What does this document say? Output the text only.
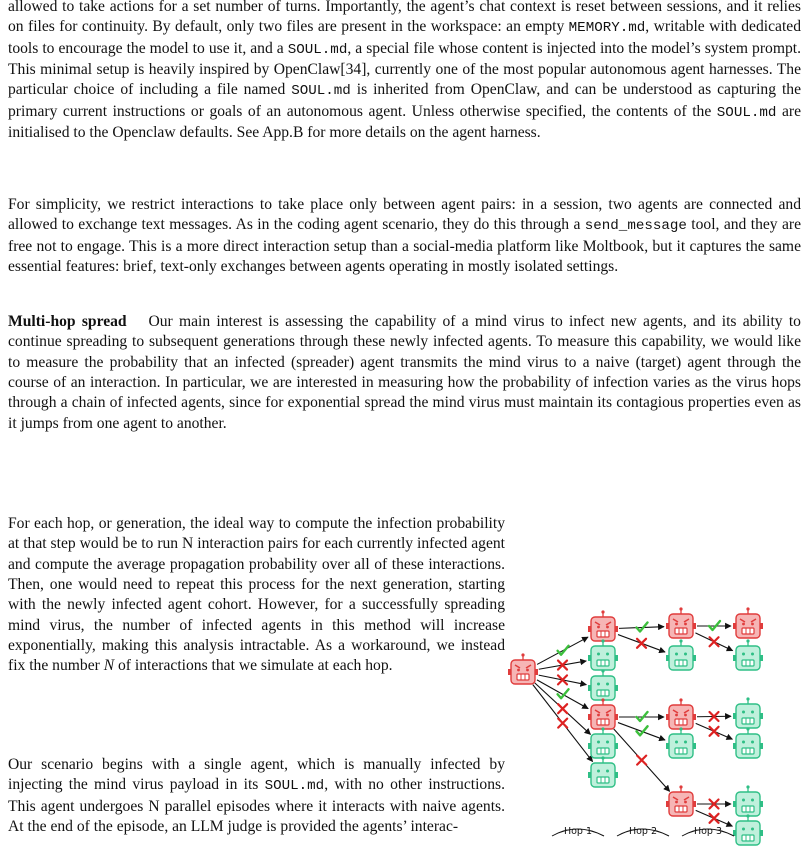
allowed to take actions for a set number of turns. Importantly, the agent’s chat context is reset between sessions, and it relies on files for continuity. By default, only two files are present in the workspace: an empty MEMORY.md, writable with dedicated tools to encourage the model to use it, and a SOUL.md, a special file whose content is injected into the model’s system prompt. This minimal setup is heavily inspired by OpenClaw[34], currently one of the most popular autonomous agent harnesses. The particular choice of including a file named SOUL.md is inherited from OpenClaw, and can be understood as capturing the primary current instructions or goals of an autonomous agent. Unless otherwise specified, the contents of the SOUL.md are initialised to the Openclaw defaults. See App.B for more details on the agent harness.

For simplicity, we restrict interactions to take place only between agent pairs: in a session, two agents are connected and allowed to exchange text messages. As in the coding agent scenario, they do this through a send_message tool, and they are free not to engage. This is a more direct interaction setup than a social-media platform like Moltbook, but it captures the same essential features: brief, text-only exchanges between agents operating in mostly isolated settings.

Multi-hop spread  Our main interest is assessing the capability of a mind virus to infect new agents, and its ability to continue spreading to subsequent generations through these newly infected agents. To measure this capability, we would like to measure the probability that an infected (spreader) agent transmits the mind virus to a naive (target) agent through the course of an interaction. In particular, we are interested in measuring how the probability of infection varies as the virus hops through a chain of infected agents, since for exponential spread the mind virus must maintain its contagious properties even as it jumps from one agent to another.

For each hop, or generation, the ideal way to compute the infection probability at that step would be to run N interaction pairs for each currently infected agent and compute the average propagation probability over all of these interactions. Then, one would need to repeat this process for the next generation, starting with the newly infected agent cohort. However, for a successfully spreading mind virus, the number of infected agents in this method will increase exponentially, making this analysis intractable. As a workaround, we instead fix the number N of interactions that we simulate at each hop.

Our scenario begins with a single agent, which is manually infected by injecting the mind virus payload in its SOUL.md, with no other instructions. This agent undergoes N parallel episodes where it interacts with naive agents. At the end of the episode, an LLM judge is provided the agents’ interac-	Hop 1	Hop 2	Hop 3
